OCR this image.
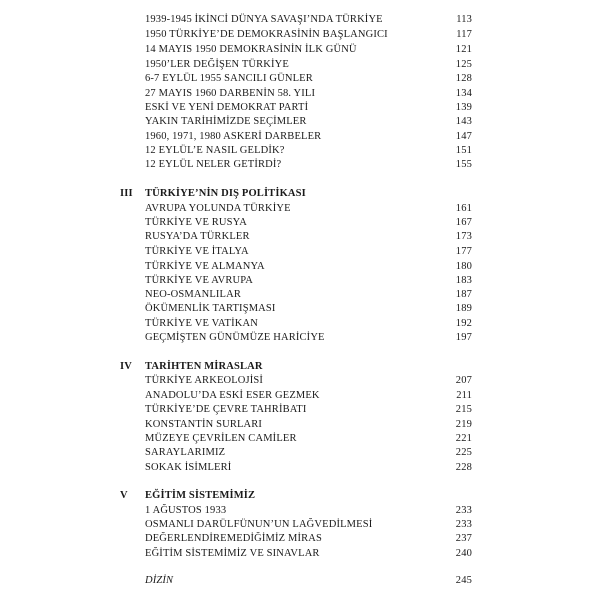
1939-1945 İKİNCİ DÜNYA SAVAŞI’NDA TÜRKİYE	113
1950 TÜRKİYE’DE DEMOKRASİNİN BAŞLANGICI	117
14 MAYIS 1950 DEMOKRASİNİN İLK GÜNÜ	121
1950’LER DEĞİŞEN TÜRKİYE	125
6-7 EYLÜL 1955 SANCILI GÜNLER	128
27 MAYIS 1960 DARBENİN 58. YILI	134
ESKİ VE YENİ DEMOKRAT PARTİ	139
YAKIN TARİHİMİZDE SEÇİMLER	143
1960, 1971, 1980 ASKERİ DARBELER	147
12 EYLÜL’E NASIL GELDİK?	151
12 EYLÜL NELER GETİRDİ?	155
III TÜRKİYE’NİN DIŞ POLİTİKASI
AVRUPA YOLUNDA TÜRKİYE	161
TÜRKİYE VE RUSYA	167
RUSYA’DA TÜRKLER	173
TÜRKİYE VE İTALYA	177
TÜRKİYE VE ALMANYA	180
TÜRKİYE VE AVRUPA	183
NEO-OSMANLILAR	187
ÖKÜMENLİK TARTIŞMASI	189
TÜRKİYE VE VATİKAN	192
GEÇMİŞTEN GÜNÜMÜZE HARİCİYE	197
IV TARİHTEN MİRASLAR
TÜRKİYE ARKEOLOJİSİ	207
ANADOLU’DA ESKİ ESER GEZMEK	211
TÜRKİYE’DE ÇEVRE TAHRİBATI	215
KONSTANTİN SURLARI	219
MÜZEYE ÇEVRİLEN CAMİLER	221
SARAYLARIMIZ	225
SOKAK İSİMLERİ	228
V EĞİTİM SİSTEMİMİZ
1 AĞUSTOS 1933	233
OSMANLI DARÜLFÜNUN’UN LAĞVEDİLMESİ	233
DEĞERLENDİREMEDİĞİMİZ MİRAS	237
EĞİTİM SİSTEMİMİZ VE SINAVLAR	240
DİZİN	245
